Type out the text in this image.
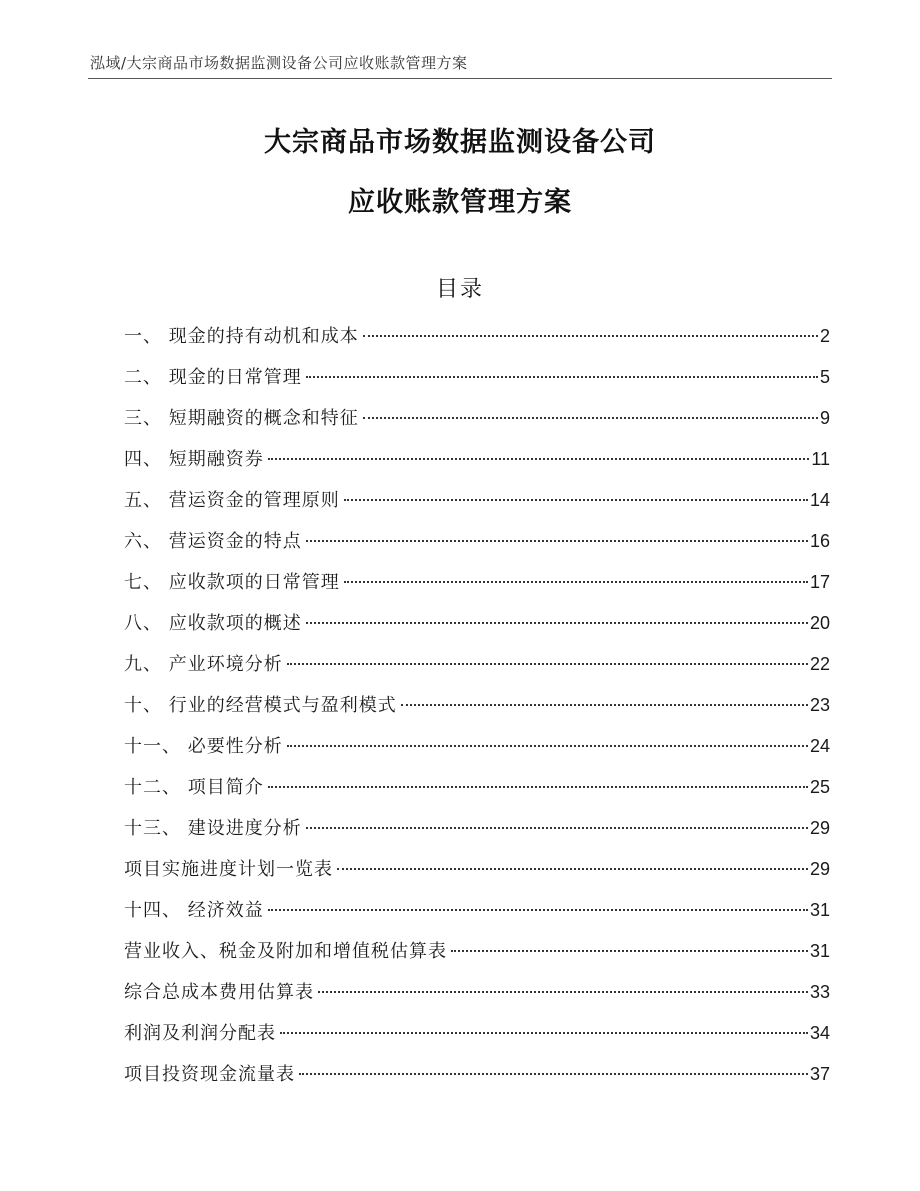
泓域/大宗商品市场数据监测设备公司应收账款管理方案
大宗商品市场数据监测设备公司
应收账款管理方案
目录
一、 现金的持有动机和成本	2
二、 现金的日常管理	5
三、 短期融资的概念和特征	9
四、 短期融资券	11
五、 营运资金的管理原则	14
六、 营运资金的特点	16
七、 应收款项的日常管理	17
八、 应收款项的概述	20
九、 产业环境分析	22
十、 行业的经营模式与盈利模式	23
十一、 必要性分析	24
十二、 项目简介	25
十三、 建设进度分析	29
项目实施进度计划一览表	29
十四、 经济效益	31
营业收入、税金及附加和增值税估算表	31
综合总成本费用估算表	33
利润及利润分配表	34
项目投资现金流量表	37
